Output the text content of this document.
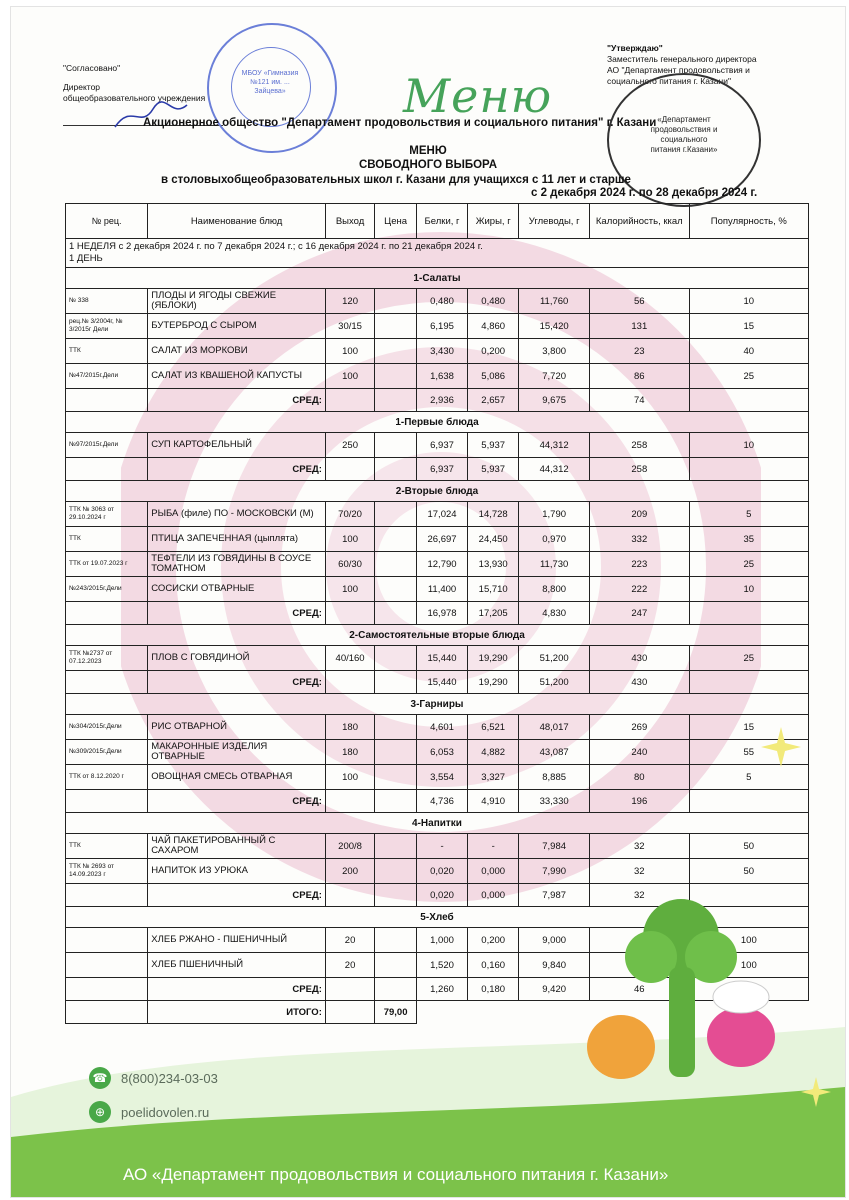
"Согласовано"
Директор
общеобразовательного учреждения
МБОУ «Гимназия №121 им. ... Зайцева»
"Утверждаю"
Заместитель генерального директора
АО "Департамент продовольствия и
социального питания г. Казани"
«Департамент продовольствия и социального питания г.Казани»
Меню
Акционерное общество "Департамент продовольствия и социального питания" г. Казани
МЕНЮ
СВОБОДНОГО ВЫБОРА
в столовыхобщеобразовательных школ г. Казани для учащихся с 11 лет и старше
с 2 декабря 2024 г. по 28 декабря 2024 г.
№ рец.	Наименование блюд	Выход	Цена	Белки, г	Жиры, г	Углеводы, г	Калорийность, ккал	Популярность, %

1 НЕДЕЛЯ с 2 декабря 2024 г. по 7 декабря 2024 г.; с 16 декабря 2024 г. по 21 декабря 2024 г.
1 ДЕНЬ								

1-Салаты								
№ 338	ПЛОДЫ И ЯГОДЫ СВЕЖИЕ (ЯБЛОКИ)	120		0,480	0,480	11,760	56	10
рец.№ 3/2004г, № 3/2015г Дели	БУТЕРБРОД С СЫРОМ	30/15		6,195	4,860	15,420	131	15
ТТК	САЛАТ ИЗ МОРКОВИ	100		3,430	0,200	3,800	23	40
№47/2015г.Дели	САЛАТ ИЗ КВАШЕНОЙ КАПУСТЫ	100		1,638	5,086	7,720	86	25
	СРЕД:			2,936	2,657	9,675	74	
1-Первые блюда								
№97/2015г.Дели	СУП КАРТОФЕЛЬНЫЙ	250		6,937	5,937	44,312	258	10
	СРЕД:			6,937	5,937	44,312	258	
2-Вторые блюда								
ТТК № 3063 от 29.10.2024 г	РЫБА (филе) ПО - МОСКОВСКИ (М)	70/20		17,024	14,728	1,790	209	5
ТТК	ПТИЦА ЗАПЕЧЕННАЯ (цыплята)	100		26,697	24,450	0,970	332	35
ТТК от 19.07.2023 г	ТЕФТЕЛИ ИЗ ГОВЯДИНЫ В СОУСЕ ТОМАТНОМ	60/30		12,790	13,930	11,730	223	25
№243/2015г.Дели	СОСИСКИ ОТВАРНЫЕ	100		11,400	15,710	8,800	222	10
	СРЕД:			16,978	17,205	4,830	247	
2-Самостоятельные вторые блюда								
ТТК №2737 от 07.12.2023	ПЛОВ С ГОВЯДИНОЙ	40/160		15,440	19,290	51,200	430	25
	СРЕД:			15,440	19,290	51,200	430	
3-Гарниры								
№304/2015г.Дели	РИС ОТВАРНОЙ	180		4,601	6,521	48,017	269	15
№309/2015г.Дели	МАКАРОННЫЕ ИЗДЕЛИЯ ОТВАРНЫЕ	180		6,053	4,882	43,087	240	55
ТТК от 8.12.2020 г	ОВОЩНАЯ СМЕСЬ ОТВАРНАЯ	100		3,554	3,327	8,885	80	5
	СРЕД:			4,736	4,910	33,330	196	
4-Напитки								
ТТК	ЧАЙ ПАКЕТИРОВАННЫЙ С САХАРОМ	200/8		-	-	7,984	32	50
ТТК № 2693 от 14.09.2023 г	НАПИТОК ИЗ УРЮКА	200		0,020	0,000	7,990	32	50
	СРЕД:			0,020	0,000	7,987	32	
5-Хлеб								
	ХЛЕБ РЖАНО - ПШЕНИЧНЫЙ	20		1,000	0,200	9,000		100
	ХЛЕБ ПШЕНИЧНЫЙ	20		1,520	0,160	9,840		100
	СРЕД:			1,260	0,180	9,420	46	
	ИТОГО:		79,00					
☎ 8(800)234-03-03
⊕	poelidovolen.ru
АО «Департамент продовольствия и социального питания г. Казани»
